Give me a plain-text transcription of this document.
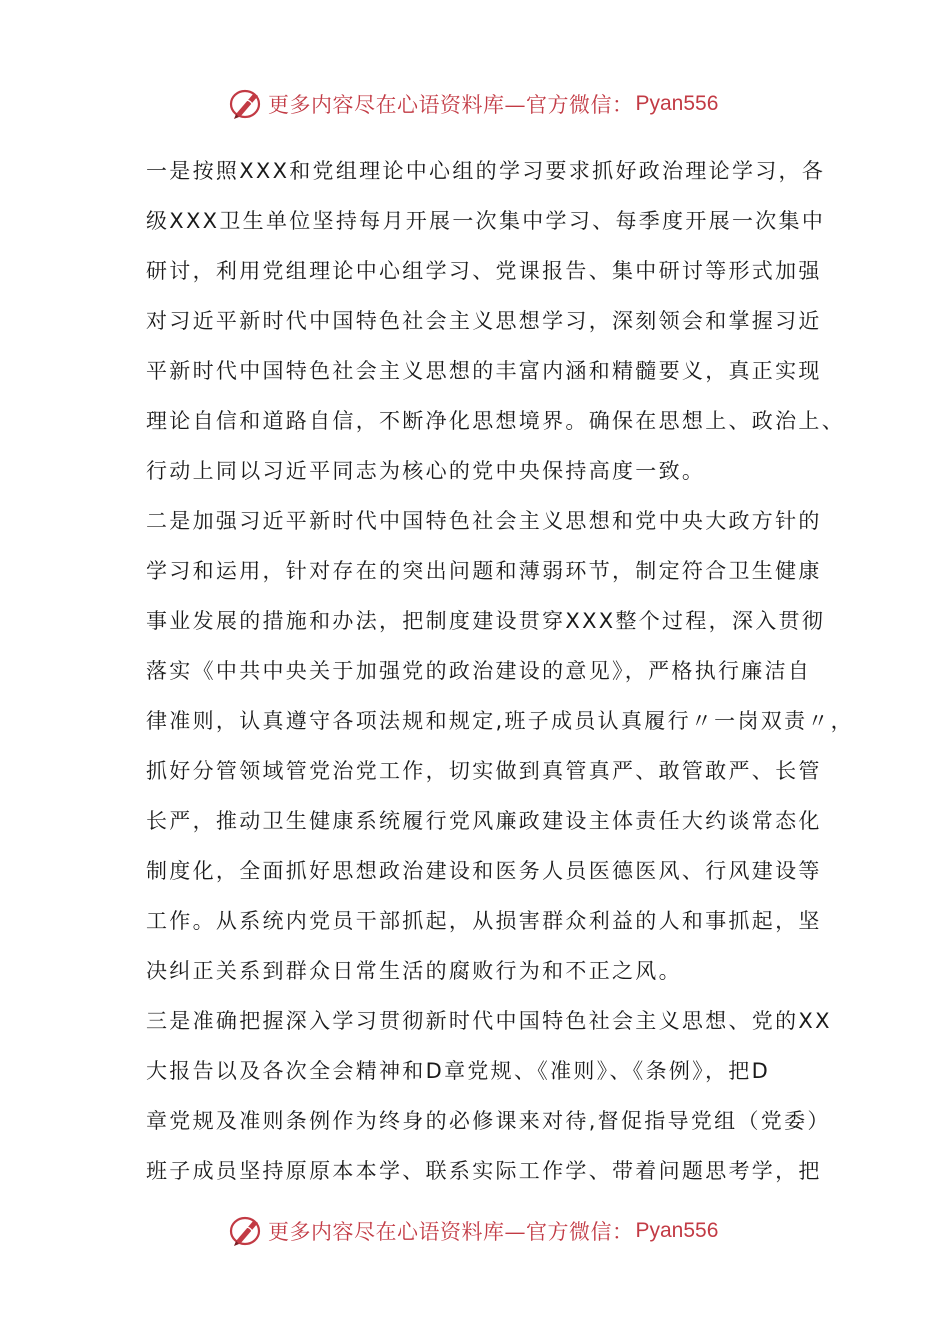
更多内容尽在心语资料库—官方微信： Pyan556
一是按照XXX和党组理论中心组的学习要求抓好政治理论学习，各
级XXX卫生单位坚持每月开展一次集中学习、每季度开展一次集中
研讨，利用党组理论中心组学习、党课报告、集中研讨等形式加强
对习近平新时代中国特色社会主义思想学习，深刻领会和掌握习近
平新时代中国特色社会主义思想的丰富内涵和精髓要义，真正实现
理论自信和道路自信，不断净化思想境界。确保在思想上、政治上、
行动上同以习近平同志为核心的党中央保持高度一致。
二是加强习近平新时代中国特色社会主义思想和党中央大政方针的
学习和运用，针对存在的突出问题和薄弱环节，制定符合卫生健康
事业发展的措施和办法，把制度建设贯穿XXX整个过程，深入贯彻
落实《中共中央关于加强党的政治建设的意见》，严格执行廉洁自
律准则，认真遵守各项法规和规定,班子成员认真履行〃一岗双责〃，
抓好分管领域管党治党工作，切实做到真管真严、敢管敢严、长管
长严，推动卫生健康系统履行党风廉政建设主体责任大约谈常态化
制度化，全面抓好思想政治建设和医务人员医德医风、行风建设等
工作。从系统内党员干部抓起，从损害群众利益的人和事抓起，坚
决纠正关系到群众日常生活的腐败行为和不正之风。
三是准确把握深入学习贯彻新时代中国特色社会主义思想、党的XX
大报告以及各次全会精神和D章党规、《准则》、《条例》，把D
章党规及准则条例作为终身的必修课来对待,督促指导党组（党委）
班子成员坚持原原本本学、联系实际工作学、带着问题思考学，把
更多内容尽在心语资料库—官方微信： Pyan556
